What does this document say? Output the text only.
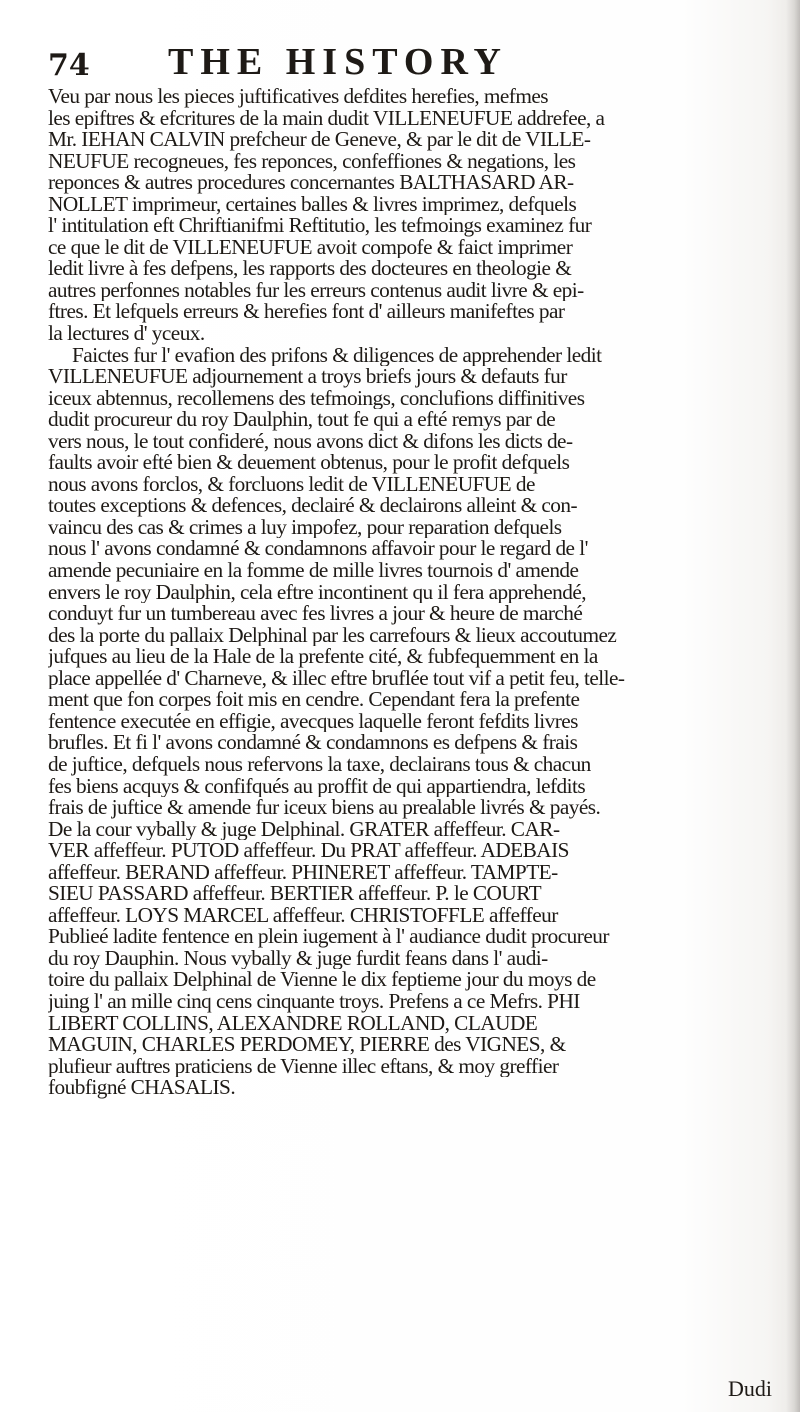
74 THE HISTORY
Veu par nous les pieces juftificatives defdites herefies, mefmes
les epiftres & efcritures de la main dudit VILLENEUFUE addrefee, a
Mr. IEHAN CALVIN prefcheur de Geneve, & par le dit de VILLE-
NEUFUE recogneues, fes reponces, confeffiones & negations, les
reponces & autres procedures concernantes BALTHASARD AR-
NOLLET imprimeur, certaines balles & livres imprimez, defquels
l' intitulation eft Chriftianifmi Reftitutio, les tefmoings examinez fur
ce que le dit de VILLENEUFUE avoit compofe & faict imprimer
ledit livre à fes defpens, les rapports des docteures en theologie &
autres perfonnes notables fur les erreurs contenus audit livre & epi-
ftres. Et lefquels erreurs & herefies font d' ailleurs manifeftes par
la lectures d' yceux.
Faictes fur l' evafion des prifons & diligences de apprehender ledit
VILLENEUFUE adjournement a troys briefs jours & defauts fur
iceux abtennus, recollemens des tefmoings, conclufions diffinitives
dudit procureur du roy Daulphin, tout fe qui a efté remys par de
vers nous, le tout confideré, nous avons dict & difons les dicts de-
faults avoir efté bien & deuement obtenus, pour le profit defquels
nous avons forclos, & forcluons ledit de VILLENEUFUE de
toutes exceptions & defences, declairé & declairons alleint & con-
vaincu des cas & crimes a luy impofez, pour reparation defquels
nous l' avons condamné & condamnons affavoir pour le regard de l'
amende pecuniaire en la fomme de mille livres tournois d' amende
envers le roy Daulphin, cela eftre incontinent qu il fera apprehendé,
conduyt fur un tumbereau avec fes livres a jour & heure de marché
des la porte du pallaix Delphinal par les carrefours & lieux accoutumez
jufques au lieu de la Hale de la prefente cité, & fubfequemment en la
place appellée d' Charneve, & illec eftre bruflée tout vif a petit feu, telle-
ment que fon corpes foit mis en cendre. Cependant fera la prefente
fentence executée en effigie, avecques laquelle feront fefdits livres
brufles. Et fi l' avons condamné & condamnons es defpens & frais
de juftice, defquels nous refervons la taxe, declairans tous & chacun
fes biens acquys & confifqués au proffit de qui appartiendra, lefdits
frais de juftice & amende fur iceux biens au prealable livrés & payés.
De la cour vybally & juge Delphinal. GRATER affeffeur. CAR-
VER affeffeur. PUTOD affeffeur. Du PRAT affeffeur. ADEBAIS
affeffeur. BERAND affeffeur. PHINERET affeffeur. TAMPTE-
SIEU PASSARD affeffeur. BERTIER affeffeur. P. le COURT
affeffeur. LOYS MARCEL affeffeur. CHRISTOFFLE affeffeur
Publieé ladite fentence en plein iugement à l' audiance dudit procureur
du roy Dauphin. Nous vybally & juge furdit feans dans l' audi-
toire du pallaix Delphinal de Vienne le dix feptieme jour du moys de
juing l' an mille cinq cens cinquante troys. Prefens a ce Mefrs. PHI
LIBERT COLLINS, ALEXANDRE ROLLAND, CLAUDE
MAGUIN, CHARLES PERDOMEY, PIERRE des VIGNES, &
plufieur auftres praticiens de Vienne illec eftans, & moy greffier
foubfigné CHASALIS.
Dudi
